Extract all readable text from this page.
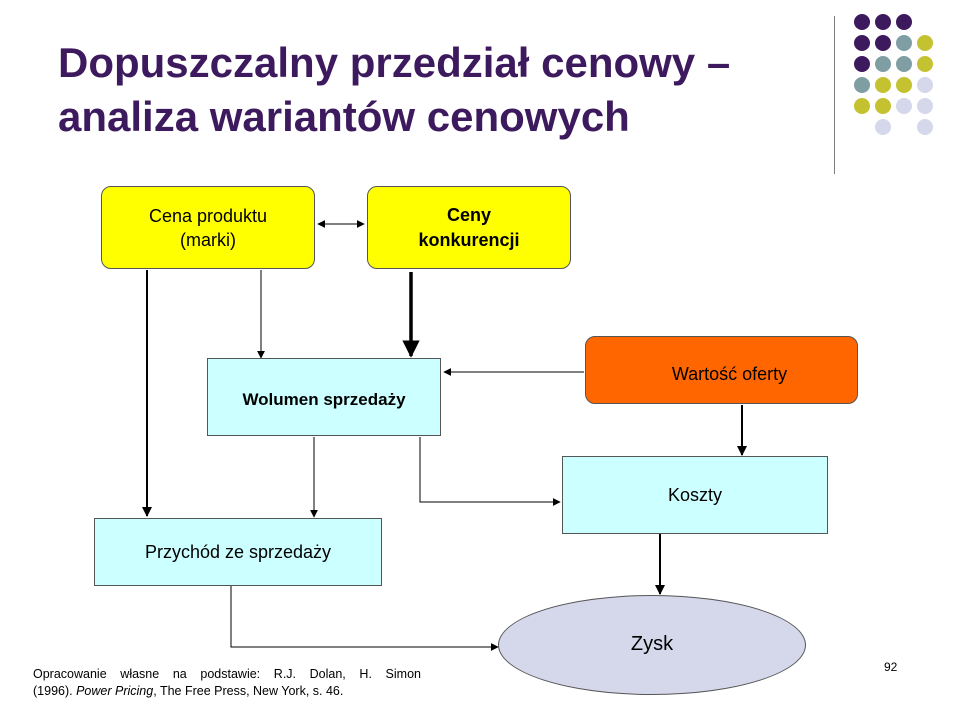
Dopuszczalny przedział cenowy –
analiza wariantów cenowych
Cena produktu (marki)
Ceny konkurencji
Wolumen sprzedaży
Wartość oferty
Koszty
Przychód ze sprzedaży
Zysk
Opracowanie własne na podstawie: R.J. Dolan, H. Simon
(1996). Power Pricing, The Free Press, New York, s. 46.
92
